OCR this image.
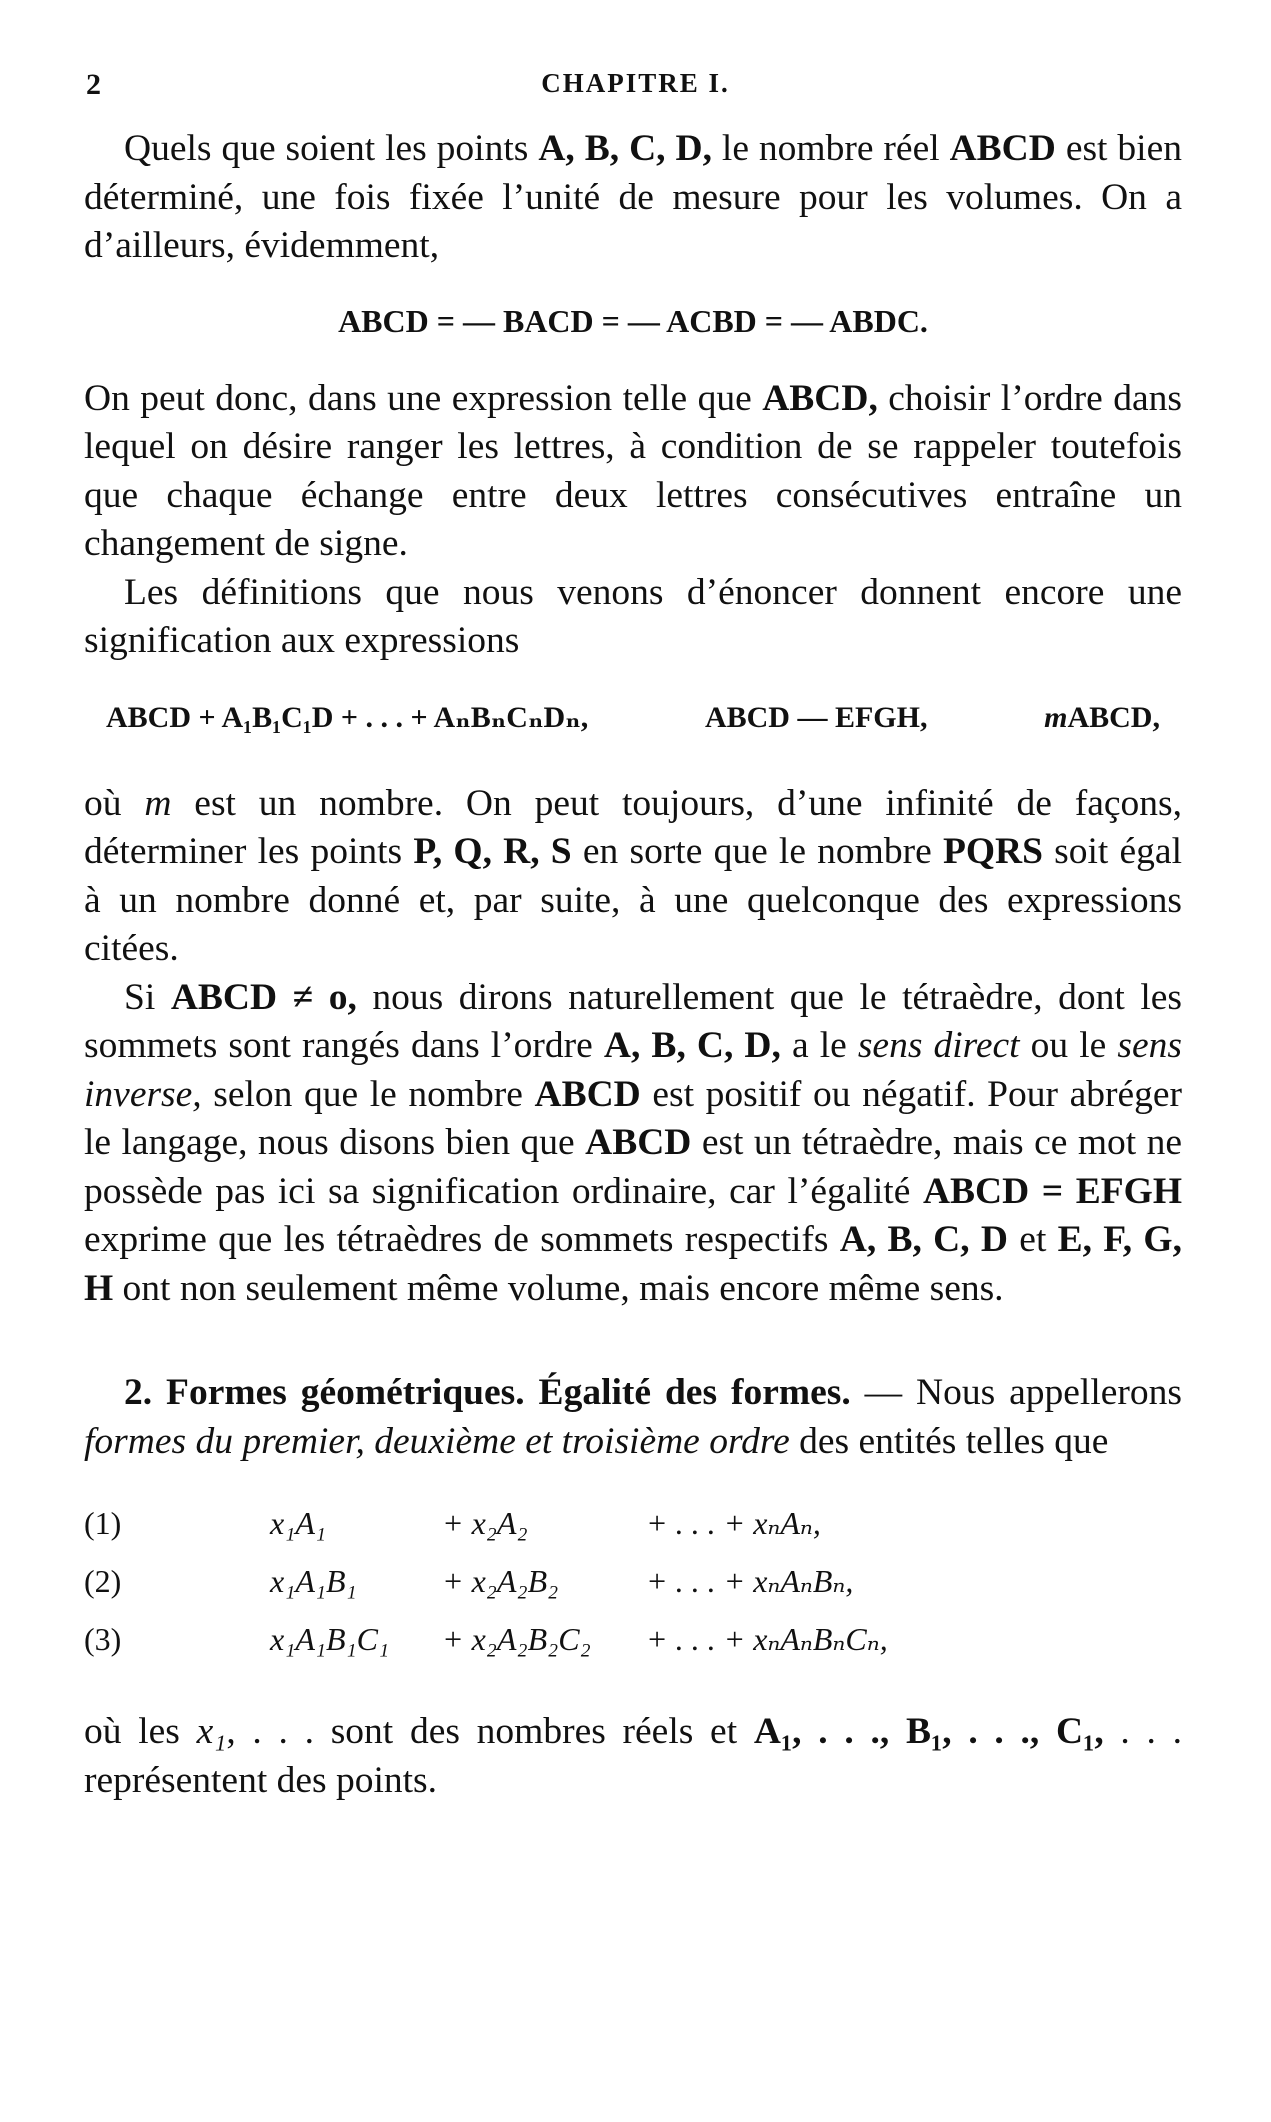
2	CHAPITRE I.

Quels que soient les points A, B, C, D, le nombre réel ABCD est bien déterminé, une fois fixée l’unité de mesure pour les volumes. On a d’ailleurs, évidemment,

ABCD = — BACD = — ACBD = — ABDC.

On peut donc, dans une expression telle que ABCD, choisir l’ordre dans lequel on désire ranger les lettres, à condition de se rappeler toutefois que chaque échange entre deux lettres consécutives entraîne un changement de signe.

Les définitions que nous venons d’énoncer donnent encore une signification aux expressions

ABCD + A₁B₁C₁D + . . . + AₙBₙCₙDₙ,	ABCD — EFGH,	mABCD,

où m est un nombre. On peut toujours, d’une infinité de façons, déterminer les points P, Q, R, S en sorte que le nombre PQRS soit égal à un nombre donné et, par suite, à une quelconque des expressions citées.

Si ABCD ≠ o, nous dirons naturellement que le tétraèdre, dont les sommets sont rangés dans l’ordre A, B, C, D, a le sens direct ou le sens inverse, selon que le nombre ABCD est positif ou négatif. Pour abréger le langage, nous disons bien que ABCD est un tétraèdre, mais ce mot ne possède pas ici sa signification ordinaire, car l’égalité ABCD = EFGH exprime que les tétraèdres de sommets respectifs A, B, C, D et E, F, G, H ont non seulement même volume, mais encore même sens.

2. Formes géométriques. Égalité des formes. — Nous appellerons formes du premier, deuxième et troisième ordre des entités telles que

(1)	x₁A₁	+ x₂A₂	+ . . . + xₙAₙ,
(2)	x₁A₁B₁	+ x₂A₂B₂	+ . . . + xₙAₙBₙ,
(3)	x₁A₁B₁C₁	+ x₂A₂B₂C₂	+ . . . + xₙAₙBₙCₙ,

où les x₁, . . . sont des nombres réels et A₁, . . ., B₁, . . ., C₁, . . . représentent des points.
